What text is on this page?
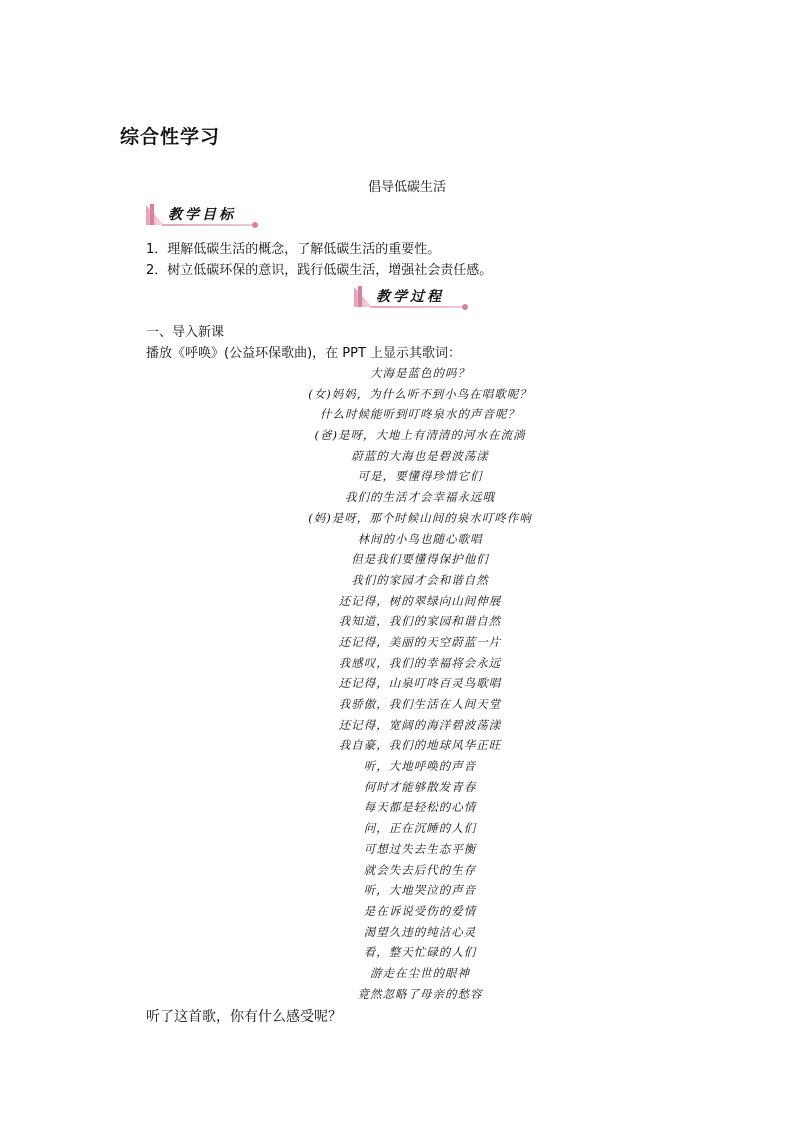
综合性学习
倡导低碳生活
教学目标
1．理解低碳生活的概念，了解低碳生活的重要性。
2．树立低碳环保的意识，践行低碳生活，增强社会责任感。
教学过程
一、导入新课
播放《呼唤》(公益环保歌曲)，在 PPT 上显示其歌词：
大海是蓝色的吗？
(女)妈妈，为什么听不到小鸟在唱歌呢？
什么时候能听到叮咚泉水的声音呢？
(爸)是呀，大地上有清清的河水在流淌
蔚蓝的大海也是碧波荡漾
可是，要懂得珍惜它们
我们的生活才会幸福永远哦
(妈)是呀，那个时候山间的泉水叮咚作响
林间的小鸟也随心歌唱
但是我们要懂得保护他们
我们的家园才会和谐自然
还记得，树的翠绿向山间伸展
我知道，我们的家园和谐自然
还记得，美丽的天空蔚蓝一片
我感叹，我们的幸福将会永远
还记得，山泉叮咚百灵鸟歌唱
我骄傲，我们生活在人间天堂
还记得，宽阔的海洋碧波荡漾
我自豪，我们的地球风华正旺
听，大地呼唤的声音
何时才能够散发青春
每天都是轻松的心情
问，正在沉睡的人们
可想过失去生态平衡
就会失去后代的生存
听，大地哭泣的声音
是在诉说受伤的爱情
渴望久违的纯洁心灵
看，整天忙碌的人们
游走在尘世的眼神
竟然忽略了母亲的愁容
听了这首歌，你有什么感受呢？
